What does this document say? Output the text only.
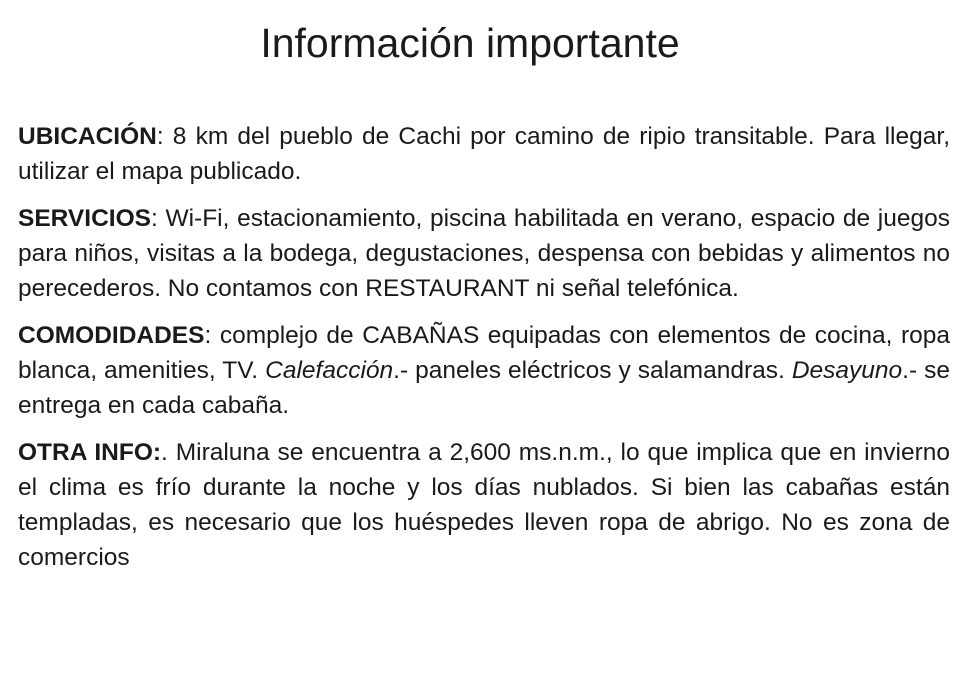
Información importante

UBICACIÓN: 8 km del pueblo de Cachi por camino de ripio transitable. Para llegar, utilizar el mapa publicado.

SERVICIOS: Wi-Fi, estacionamiento, piscina habilitada en verano, espacio de juegos para niños, visitas a la bodega, degustaciones, despensa con bebidas y alimentos no perecederos. No contamos con RESTAURANT ni señal telefónica.

COMODIDADES: complejo de CABAÑAS equipadas con elementos de cocina, ropa blanca, amenities, TV. Calefacción.- paneles eléctricos y salamandras. Desayuno.- se entrega en cada cabaña.

OTRA INFO:. Miraluna se encuentra a 2,600 ms.n.m., lo que implica que en invierno el clima es frío durante la noche y los días nublados. Si bien las cabañas están templadas, es necesario que los huéspedes lleven ropa de abrigo. No es zona de comercios
